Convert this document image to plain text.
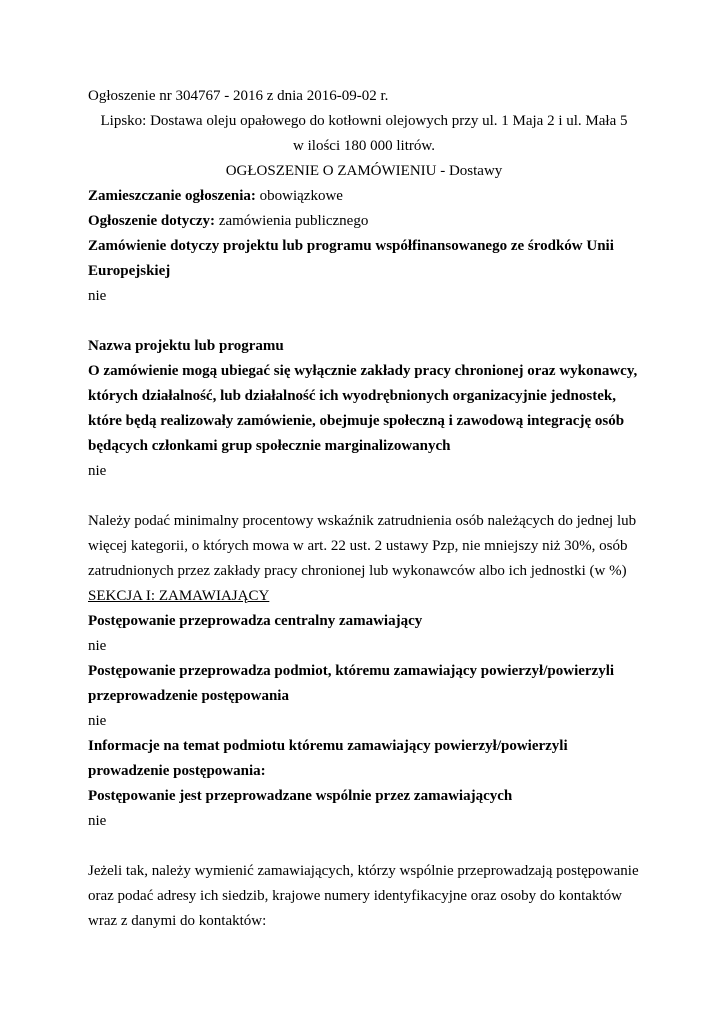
Ogłoszenie nr 304767 - 2016 z dnia 2016-09-02 r.

Lipsko: Dostawa oleju opałowego do kotłowni olejowych przy ul. 1 Maja 2 i ul. Mała 5 w ilości 180 000 litrów.

OGŁOSZENIE O ZAMÓWIENIU - Dostawy

Zamieszczanie ogłoszenia: obowiązkowe

Ogłoszenie dotyczy: zamówienia publicznego

Zamówienie dotyczy projektu lub programu współfinansowanego ze środków Unii Europejskiej

nie

Nazwa projektu lub programu

O zamówienie mogą ubiegać się wyłącznie zakłady pracy chronionej oraz wykonawcy, których działalność, lub działalność ich wyodrębnionych organizacyjnie jednostek, które będą realizowały zamówienie, obejmuje społeczną i zawodową integrację osób będących członkami grup społecznie marginalizowanych

nie

Należy podać minimalny procentowy wskaźnik zatrudnienia osób należących do jednej lub więcej kategorii, o których mowa w art. 22 ust. 2 ustawy Pzp, nie mniejszy niż 30%, osób zatrudnionych przez zakłady pracy chronionej lub wykonawców albo ich jednostki (w %)

SEKCJA I: ZAMAWIAJĄCY

Postępowanie przeprowadza centralny zamawiający

nie

Postępowanie przeprowadza podmiot, któremu zamawiający powierzył/powierzyli przeprowadzenie postępowania

nie

Informacje na temat podmiotu któremu zamawiający powierzył/powierzyli prowadzenie postępowania:

Postępowanie jest przeprowadzane wspólnie przez zamawiających

nie

Jeżeli tak, należy wymienić zamawiających, którzy wspólnie przeprowadzają postępowanie oraz podać adresy ich siedzib, krajowe numery identyfikacyjne oraz osoby do kontaktów wraz z danymi do kontaktów:
